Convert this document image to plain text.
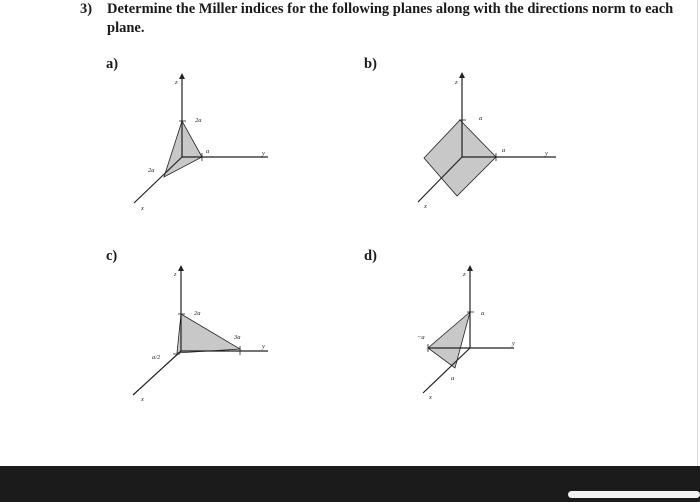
3) Determine the Miller indices for the following planes along with the directions norm to each plane.
a)	b)
c)	d)
z
y
x
2a
a
2a
z
y
x
a
a
z
y
x
2a
3a
a/2
z
y
x
a
−a
a
